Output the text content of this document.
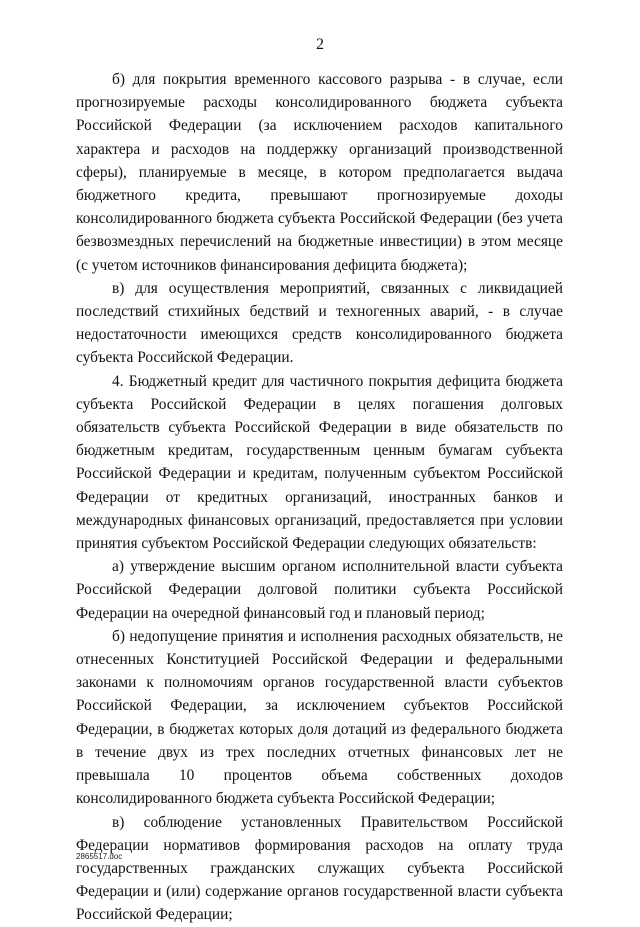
2

б) для покрытия временного кассового разрыва - в случае, если прогнозируемые расходы консолидированного бюджета субъекта Российской Федерации (за исключением расходов капитального характера и расходов на поддержку организаций производственной сферы), планируемые в месяце, в котором предполагается выдача бюджетного кредита, превышают прогнозируемые доходы консолидированного бюджета субъекта Российской Федерации (без учета безвозмездных перечислений на бюджетные инвестиции) в этом месяце (с учетом источников финансирования дефицита бюджета);

в) для осуществления мероприятий, связанных с ликвидацией последствий стихийных бедствий и техногенных аварий, - в случае недостаточности имеющихся средств консолидированного бюджета субъекта Российской Федерации.

4. Бюджетный кредит для частичного покрытия дефицита бюджета субъекта Российской Федерации в целях погашения долговых обязательств субъекта Российской Федерации в виде обязательств по бюджетным кредитам, государственным ценным бумагам субъекта Российской Федерации и кредитам, полученным субъектом Российской Федерации от кредитных организаций, иностранных банков и международных финансовых организаций, предоставляется при условии принятия субъектом Российской Федерации следующих обязательств:

а) утверждение высшим органом исполнительной власти субъекта Российской Федерации долговой политики субъекта Российской Федерации на очередной финансовый год и плановый период;

б) недопущение принятия и исполнения расходных обязательств, не отнесенных Конституцией Российской Федерации и федеральными законами к полномочиям органов государственной власти субъектов Российской Федерации, за исключением субъектов Российской Федерации, в бюджетах которых доля дотаций из федерального бюджета в течение двух из трех последних отчетных финансовых лет не превышала 10 процентов объема собственных доходов консолидированного бюджета субъекта Российской Федерации;

в) соблюдение установленных Правительством Российской Федерации нормативов формирования расходов на оплату труда государственных гражданских служащих субъекта Российской Федерации и (или) содержание органов государственной власти субъекта Российской Федерации;

2865517.doc
